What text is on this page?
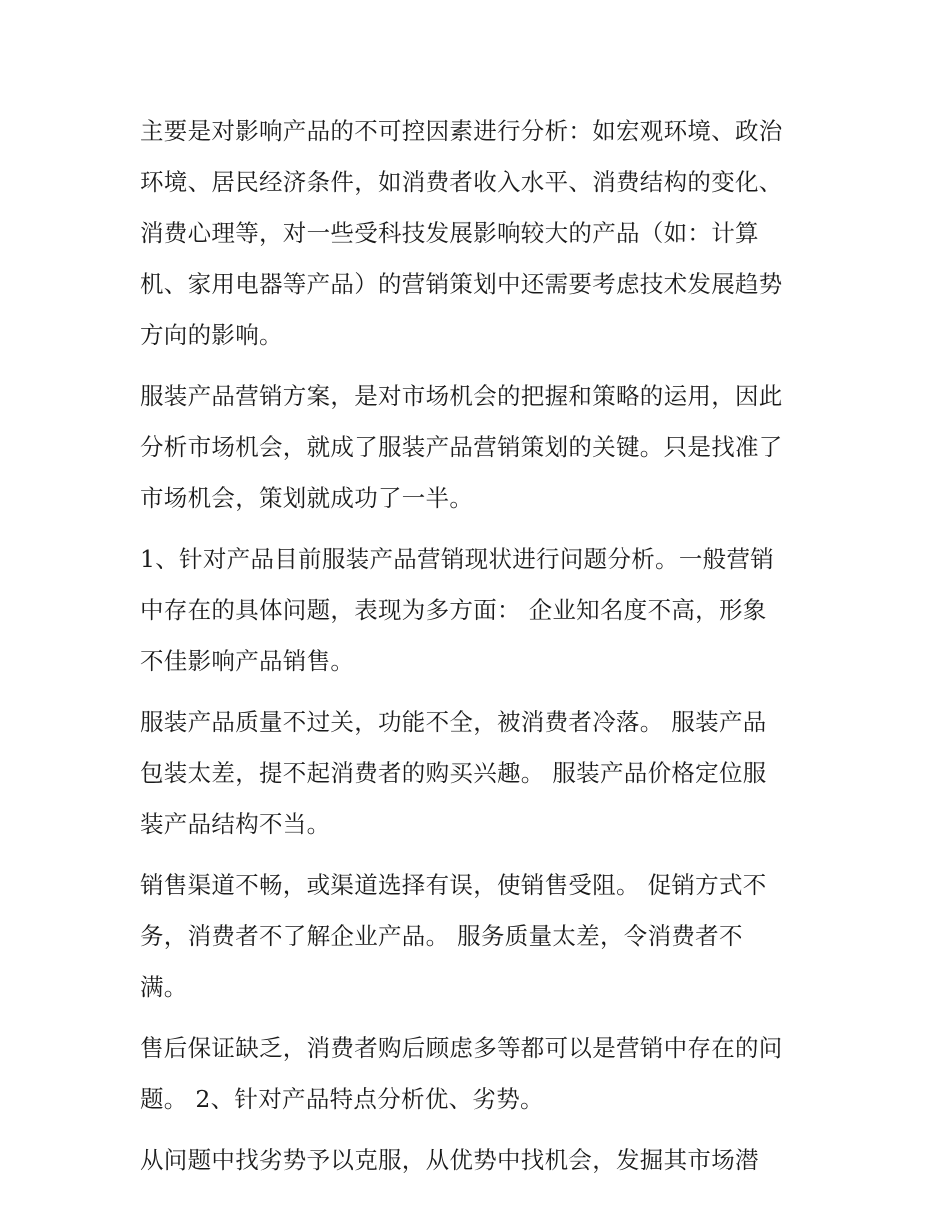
主要是对影响产品的不可控因素进行分析：如宏观环境、政治
环境、居民经济条件，如消费者收入水平、消费结构的变化、
消费心理等，对一些受科技发展影响较大的产品（如：计算
机、家用电器等产品）的营销策划中还需要考虑技术发展趋势
方向的影响。
服装产品营销方案，是对市场机会的把握和策略的运用，因此
分析市场机会，就成了服装产品营销策划的关键。只是找准了
市场机会，策划就成功了一半。
1、针对产品目前服装产品营销现状进行问题分析。一般营销
中存在的具体问题，表现为多方面： 企业知名度不高，形象
不佳影响产品销售。
服装产品质量不过关，功能不全，被消费者冷落。 服装产品
包装太差，提不起消费者的购买兴趣。 服装产品价格定位服
装产品结构不当。
销售渠道不畅，或渠道选择有误，使销售受阻。 促销方式不
务，消费者不了解企业产品。 服务质量太差，令消费者不
满。
售后保证缺乏，消费者购后顾虑多等都可以是营销中存在的问
题。 2、针对产品特点分析优、劣势。
从问题中找劣势予以克服，从优势中找机会，发掘其市场潜
